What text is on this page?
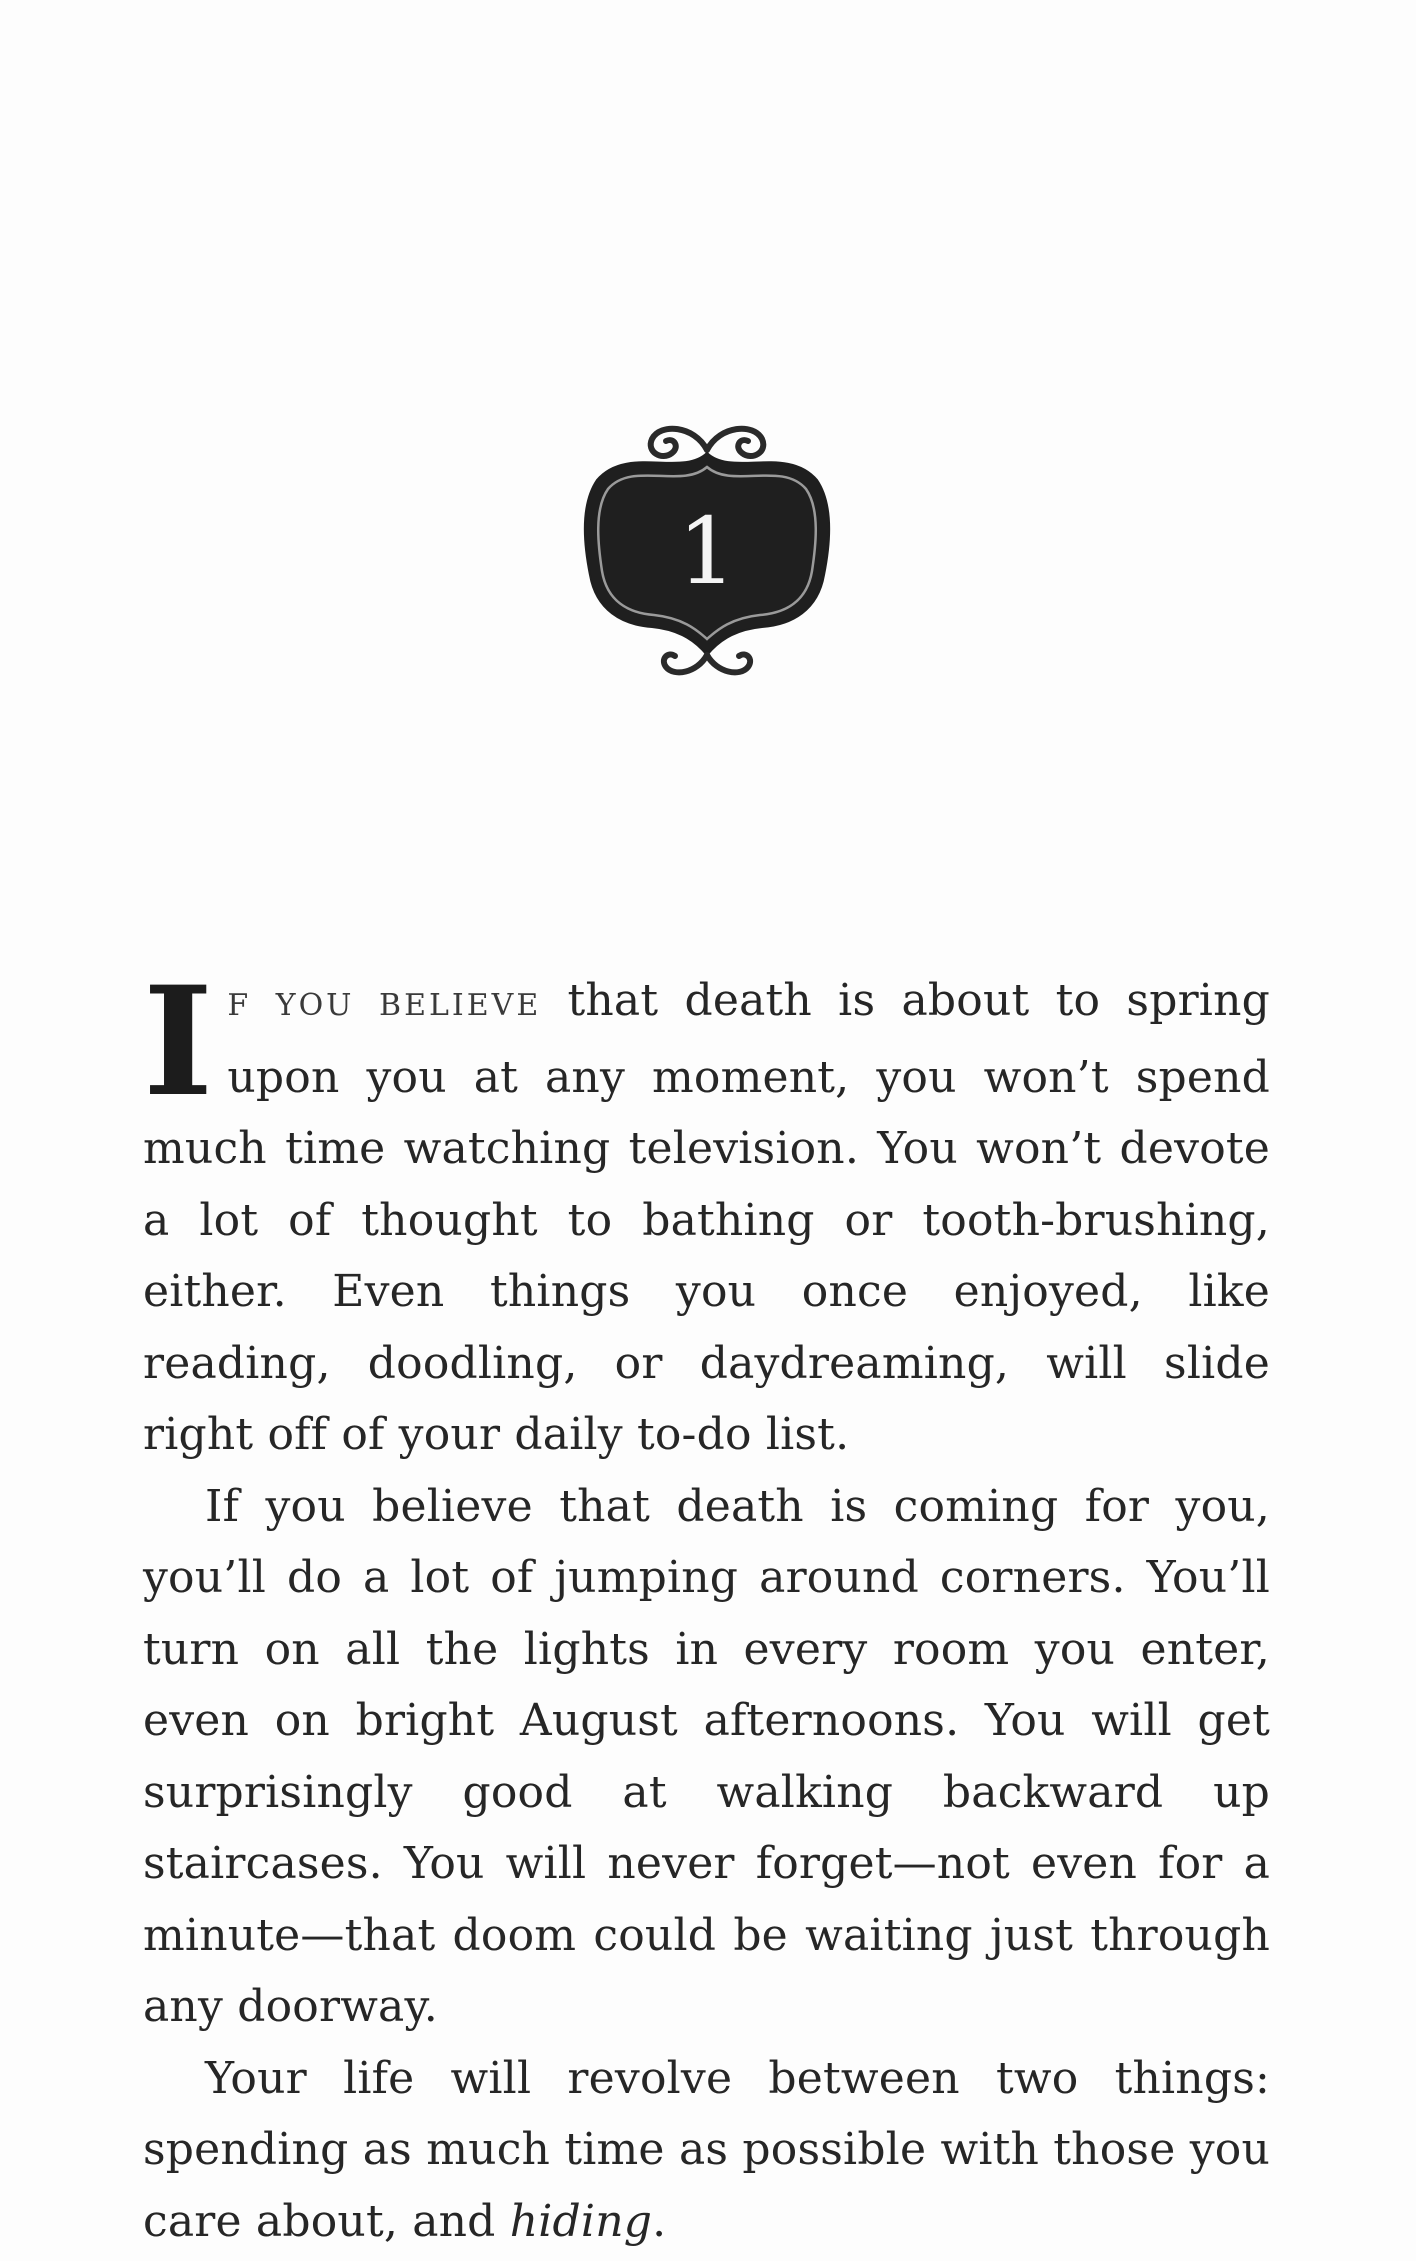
1

IF YOU BELIEVE that death is about to spring upon you at any moment, you won’t spend much time watching television. You won’t devote a lot of thought to bathing or tooth-brushing, either. Even things you once enjoyed, like reading, doodling, or daydreaming, will slide right off of your daily to-do list.

If you believe that death is coming for you, you’ll do a lot of jumping around corners. You’ll turn on all the lights in every room you enter, even on bright August afternoons. You will get surprisingly good at walking backward up staircases. You will never forget—not even for a minute—that doom could be waiting just through any doorway.

Your life will revolve between two things: spending as much time as possible with those you care about, and hiding.
